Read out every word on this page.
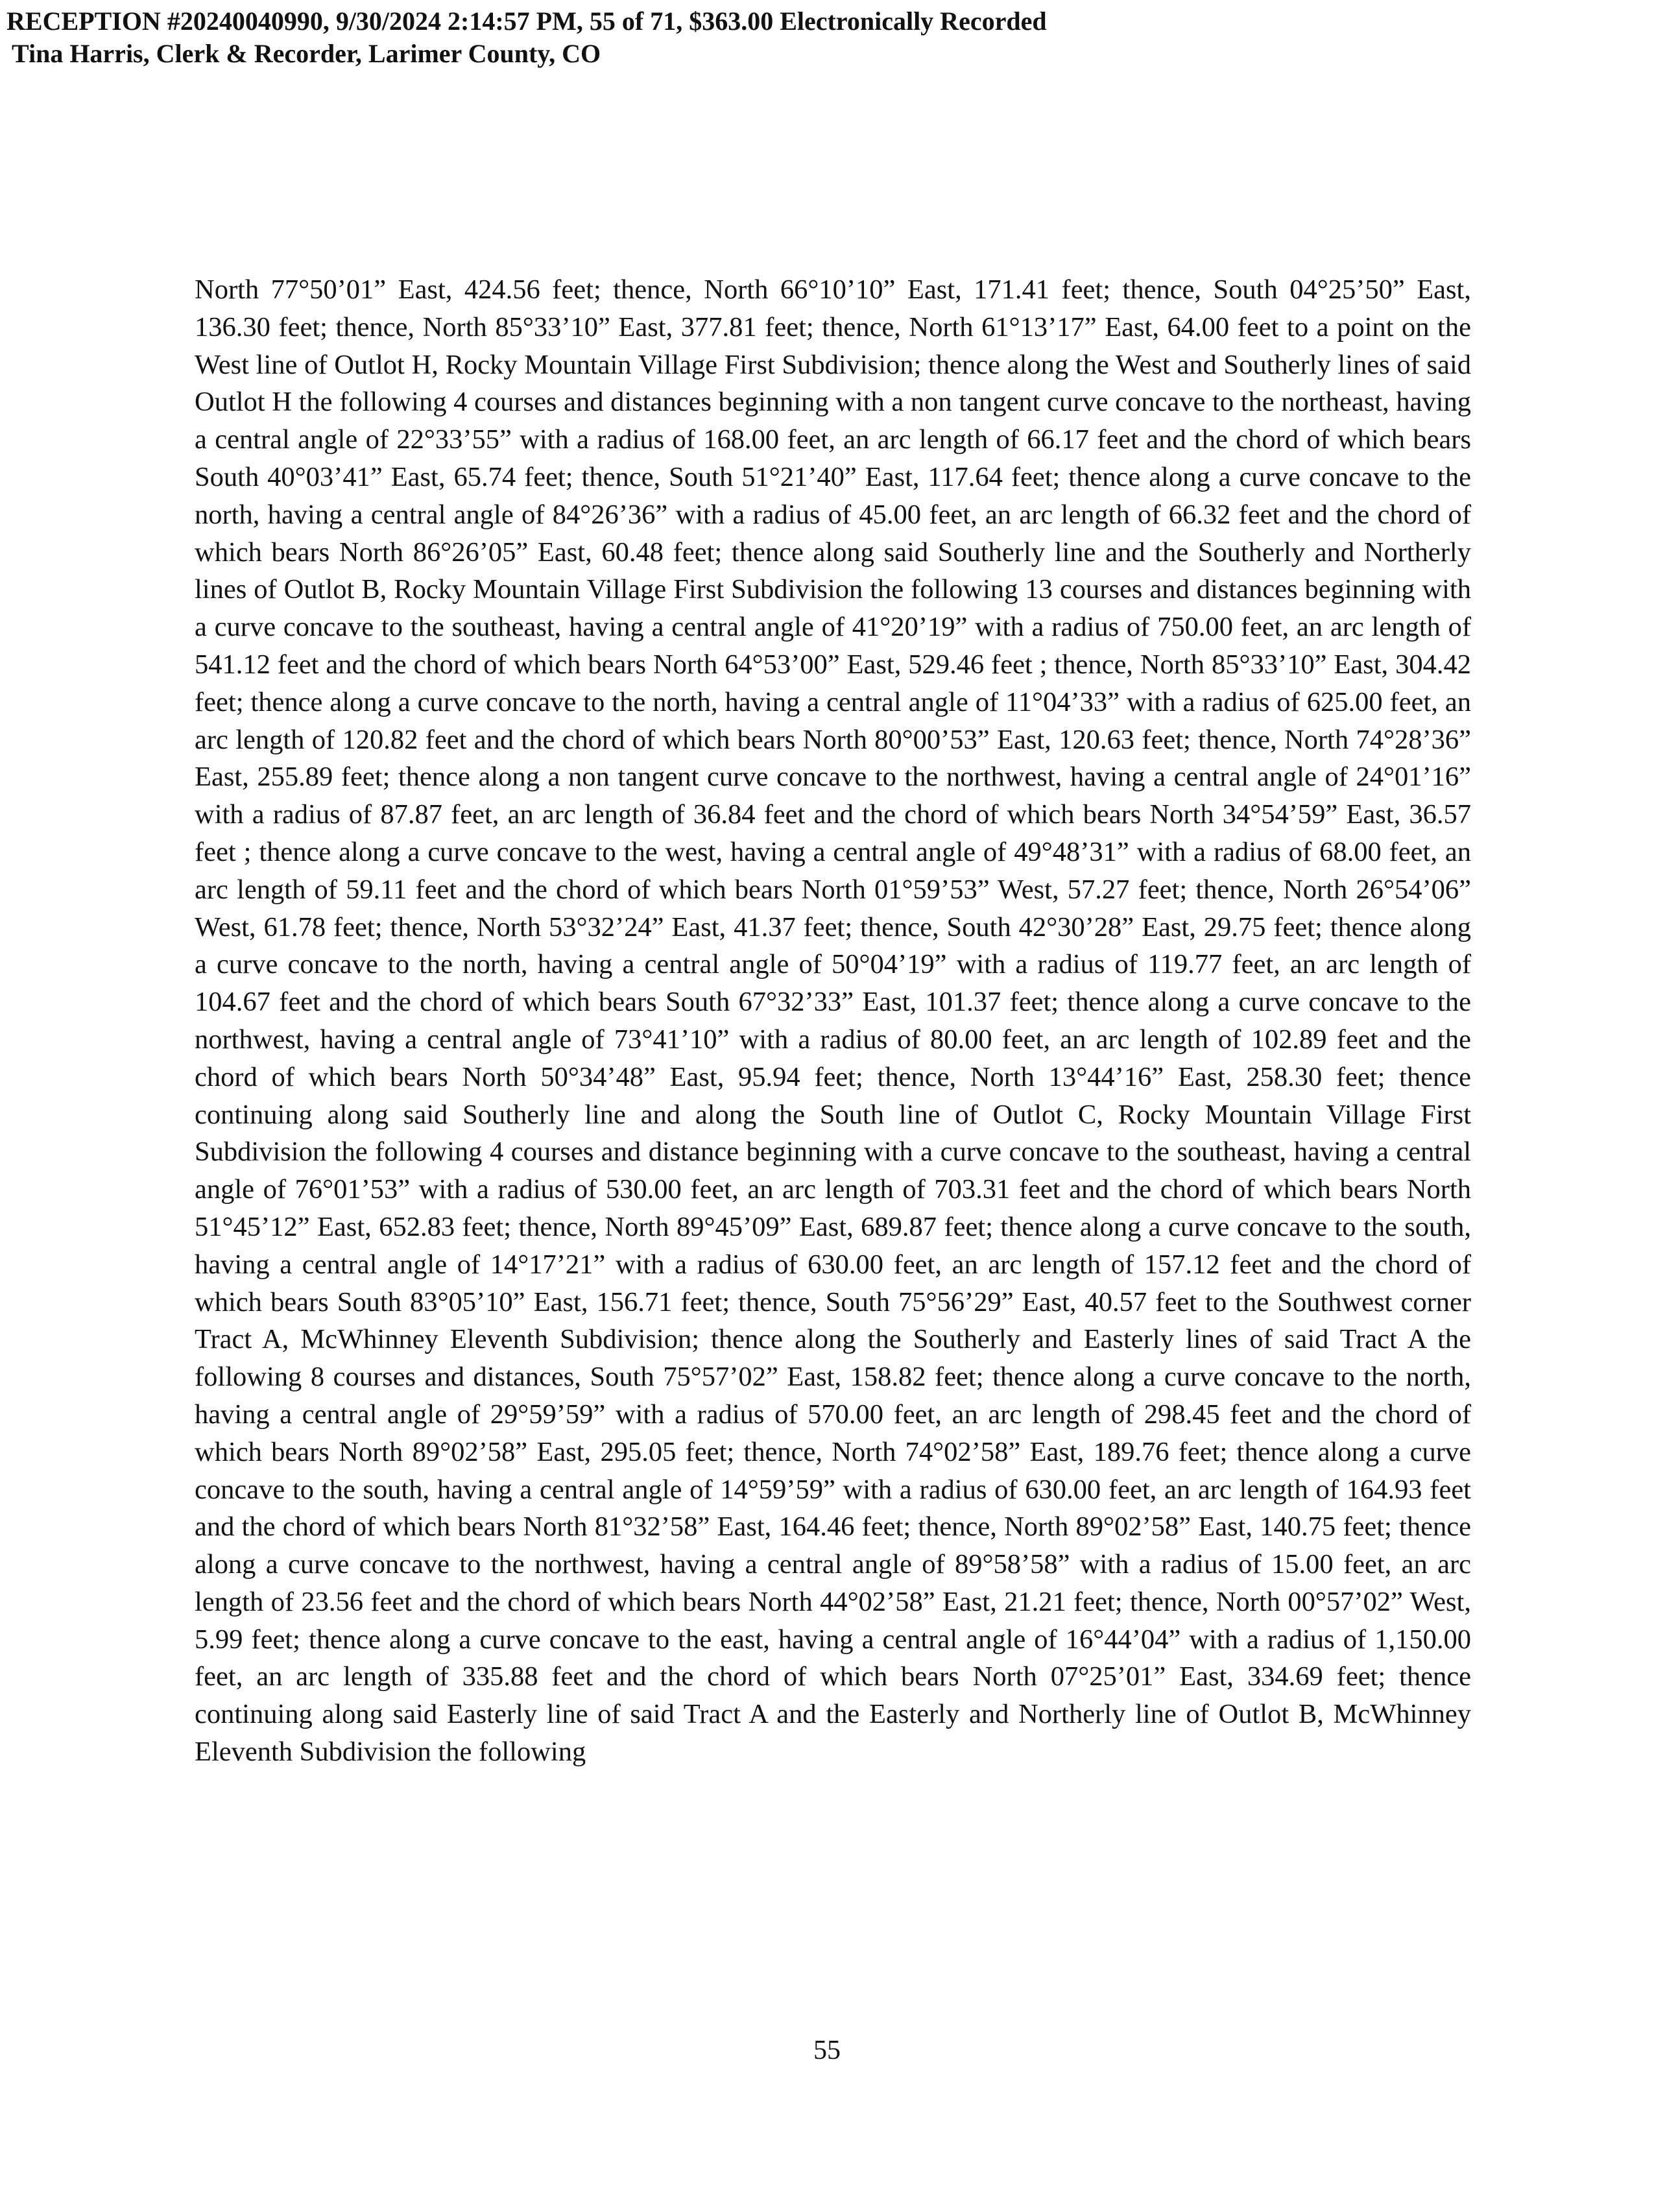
RECEPTION #20240040990, 9/30/2024 2:14:57 PM, 55 of 71, $363.00 Electronically Recorded
Tina Harris, Clerk & Recorder, Larimer County, CO

North 77°50’01” East, 424.56 feet; thence, North 66°10’10” East, 171.41 feet; thence, South 04°25’50” East, 136.30 feet; thence, North 85°33’10” East, 377.81 feet; thence, North 61°13’17” East, 64.00 feet to a point on the West line of Outlot H, Rocky Mountain Village First Subdivision; thence along the West and Southerly lines of said Outlot H the following 4 courses and distances beginning with a non tangent curve concave to the northeast, having a central angle of 22°33’55” with a radius of 168.00 feet, an arc length of 66.17 feet and the chord of which bears South 40°03’41” East, 65.74 feet; thence, South 51°21’40” East, 117.64 feet; thence along a curve concave to the north, having a central angle of 84°26’36” with a radius of 45.00 feet, an arc length of 66.32 feet and the chord of which bears North 86°26’05” East, 60.48 feet; thence along said Southerly line and the Southerly and Northerly lines of Outlot B, Rocky Mountain Village First Subdivision the following 13 courses and distances beginning with a curve concave to the southeast, having a central angle of 41°20’19” with a radius of 750.00 feet, an arc length of 541.12 feet and the chord of which bears North 64°53’00” East, 529.46 feet ; thence, North 85°33’10” East, 304.42 feet; thence along a curve concave to the north, having a central angle of 11°04’33” with a radius of 625.00 feet, an arc length of 120.82 feet and the chord of which bears North 80°00’53” East, 120.63 feet; thence, North 74°28’36” East, 255.89 feet; thence along a non tangent curve concave to the northwest, having a central angle of 24°01’16” with a radius of 87.87 feet, an arc length of 36.84 feet and the chord of which bears North 34°54’59” East, 36.57 feet ; thence along a curve concave to the west, having a central angle of 49°48’31” with a radius of 68.00 feet, an arc length of 59.11 feet and the chord of which bears North 01°59’53” West, 57.27 feet; thence, North 26°54’06” West, 61.78 feet; thence, North 53°32’24” East, 41.37 feet; thence, South 42°30’28” East, 29.75 feet; thence along a curve concave to the north, having a central angle of 50°04’19” with a radius of 119.77 feet, an arc length of 104.67 feet and the chord of which bears South 67°32’33” East, 101.37 feet; thence along a curve concave to the northwest, having a central angle of 73°41’10” with a radius of 80.00 feet, an arc length of 102.89 feet and the chord of which bears North 50°34’48” East, 95.94 feet; thence, North 13°44’16” East, 258.30 feet; thence continuing along said Southerly line and along the South line of Outlot C, Rocky Mountain Village First Subdivision the following 4 courses and distance beginning with a curve concave to the southeast, having a central angle of 76°01’53” with a radius of 530.00 feet, an arc length of 703.31 feet and the chord of which bears North 51°45’12” East, 652.83 feet; thence, North 89°45’09” East, 689.87 feet; thence along a curve concave to the south, having a central angle of 14°17’21” with a radius of 630.00 feet, an arc length of 157.12 feet and the chord of which bears South 83°05’10” East, 156.71 feet; thence, South 75°56’29” East, 40.57 feet to the Southwest corner Tract A, McWhinney Eleventh Subdivision; thence along the Southerly and Easterly lines of said Tract A the following 8 courses and distances, South 75°57’02” East, 158.82 feet; thence along a curve concave to the north, having a central angle of 29°59’59” with a radius of 570.00 feet, an arc length of 298.45 feet and the chord of which bears North 89°02’58” East, 295.05 feet; thence, North 74°02’58” East, 189.76 feet; thence along a curve concave to the south, having a central angle of 14°59’59” with a radius of 630.00 feet, an arc length of 164.93 feet and the chord of which bears North 81°32’58” East, 164.46 feet; thence, North 89°02’58” East, 140.75 feet; thence along a curve concave to the northwest, having a central angle of 89°58’58” with a radius of 15.00 feet, an arc length of 23.56 feet and the chord of which bears North 44°02’58” East, 21.21 feet; thence, North 00°57’02” West, 5.99 feet; thence along a curve concave to the east, having a central angle of 16°44’04” with a radius of 1,150.00 feet, an arc length of 335.88 feet and the chord of which bears North 07°25’01” East, 334.69 feet; thence continuing along said Easterly line of said Tract A and the Easterly and Northerly line of Outlot B, McWhinney Eleventh Subdivision the following

55
